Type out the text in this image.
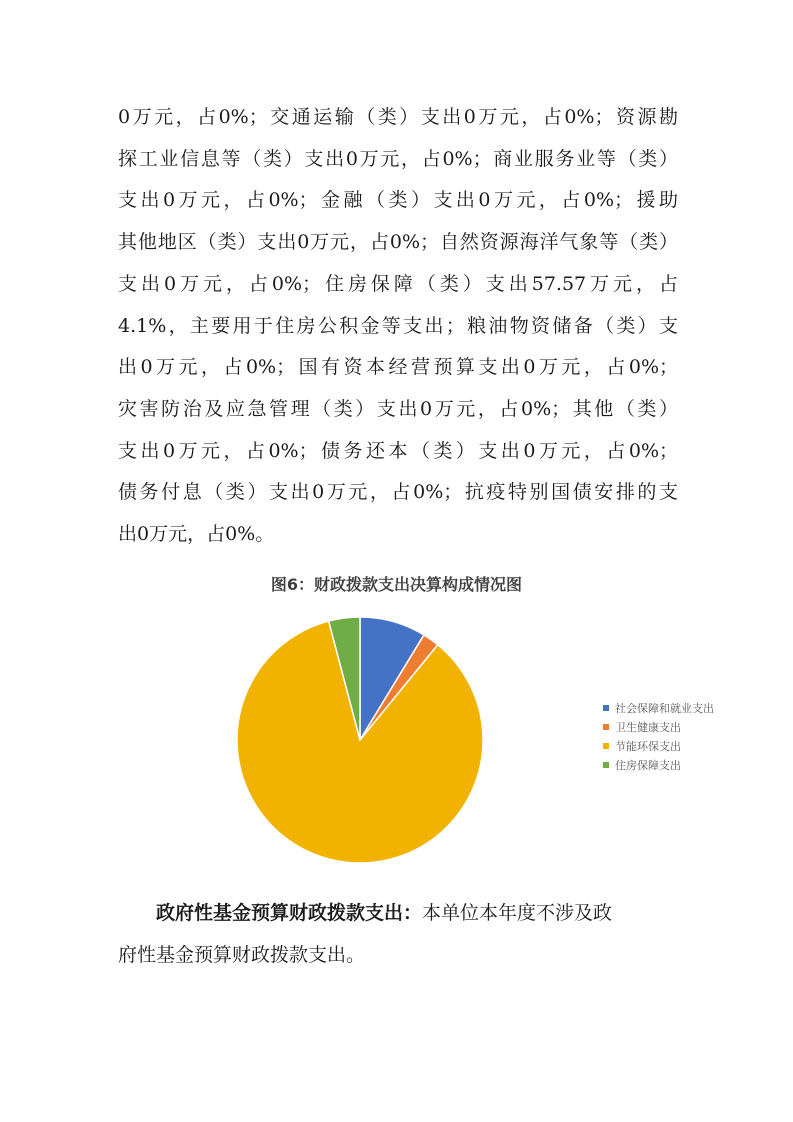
0万元，占0%；交通运输（类）支出0万元，占0%；资源勘
探工业信息等（类）支出0万元，占0%；商业服务业等（类）
支出0万元，占0%；金融（类）支出0万元，占0%；援助
其他地区（类）支出0万元，占0%；自然资源海洋气象等（类）
支出0万元，占0%；住房保障（类）支出57.57万元，占
4.1%，主要用于住房公积金等支出；粮油物资储备（类）支
出0万元，占0%；国有资本经营预算支出0万元，占0%；
灾害防治及应急管理（类）支出0万元，占0%；其他（类）
支出0万元，占0%；债务还本（类）支出0万元，占0%；
债务付息（类）支出0万元，占0%；抗疫特别国债安排的支
出0万元，占0%。

图6：财政拨款支出决算构成情况图
社会保障和就业支出
卫生健康支出
节能环保支出
住房保障支出

政府性基金预算财政拨款支出：本单位本年度不涉及政
府性基金预算财政拨款支出。
